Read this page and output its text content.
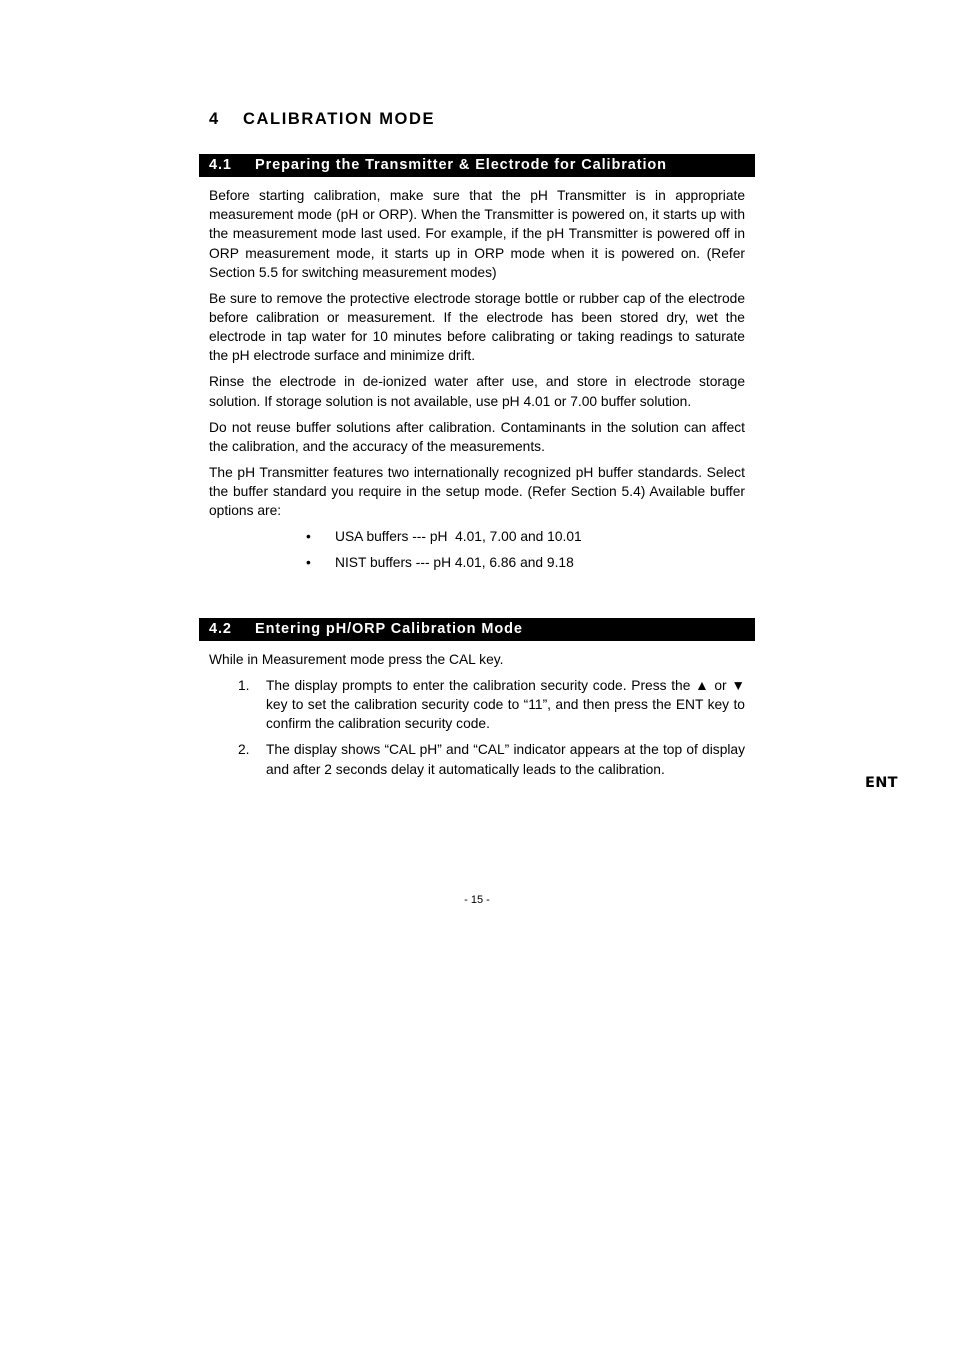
4 CALIBRATION MODE
4.1 Preparing the Transmitter & Electrode for Calibration

Before starting calibration, make sure that the pH Transmitter is in appropriate measurement mode (pH or ORP). When the Transmitter is powered on, it starts up with the measurement mode last used. For example, if the pH Transmitter is powered off in ORP measurement mode, it starts up in ORP mode when it is powered on. (Refer Section 5.5 for switching measurement modes)

Be sure to remove the protective electrode storage bottle or rubber cap of the electrode before calibration or measurement. If the electrode has been stored dry, wet the electrode in tap water for 10 minutes before calibrating or taking readings to saturate the pH electrode surface and minimize drift.

Rinse the electrode in de-ionized water after use, and store in electrode storage solution. If storage solution is not available, use pH 4.01 or 7.00 buffer solution.

Do not reuse buffer solutions after calibration. Contaminants in the solution can affect the calibration, and the accuracy of the measurements.

The pH Transmitter features two internationally recognized pH buffer standards. Select the buffer standard you require in the setup mode. (Refer Section 5.4) Available buffer options are:

• USA buffers --- pH  4.01, 7.00 and 10.01
• NIST buffers --- pH 4.01, 6.86 and 9.18
4.2 Entering pH/ORP Calibration Mode

While in Measurement mode press the CAL key.

1. The display prompts to enter the calibration security code. Press the ▲ or ▼ key to set the calibration security code to “11”, and then press the ENT key to confirm the calibration security code.
2. The display shows “CAL pH” and “CAL” indicator appears at the top of display and after 2 seconds delay it automatically leads to the calibration.
ENT
- 15 -
